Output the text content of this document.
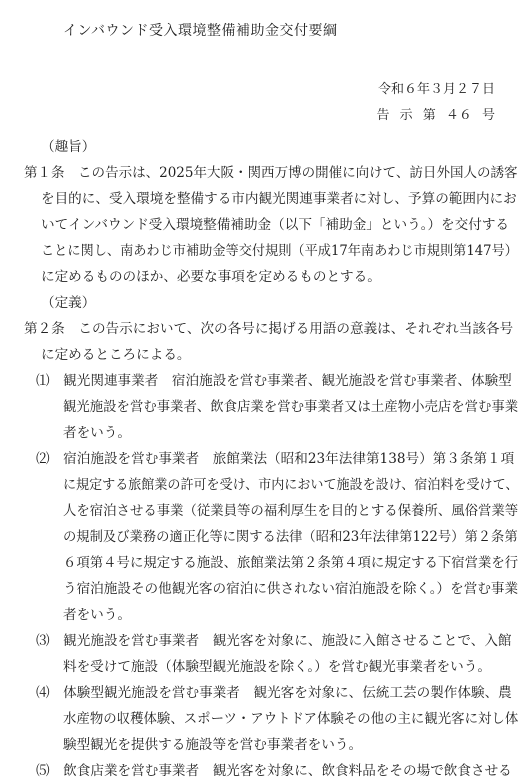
インバウンド受入環境整備補助金交付要綱
令和６年３月２７日
告 示 第 ４６ 号
（趣旨）
第１条　この告示は、2025年大阪・関西万博の開催に向けて、訪日外国人の誘客
を目的に、受入環境を整備する市内観光関連事業者に対し、予算の範囲内にお
いてインバウンド受入環境整備補助金（以下「補助金」という。）を交付する
ことに関し、南あわじ市補助金等交付規則（平成17年南あわじ市規則第147号）
に定めるもののほか、必要な事項を定めるものとする。
（定義）
第２条　この告示において、次の各号に掲げる用語の意義は、それぞれ当該各号
に定めるところによる。
⑴　観光関連事業者　宿泊施設を営む事業者、観光施設を営む事業者、体験型
観光施設を営む事業者、飲食店業を営む事業者又は土産物小売店を営む事業
者をいう。
⑵　宿泊施設を営む事業者　旅館業法（昭和23年法律第138号）第３条第１項
に規定する旅館業の許可を受け、市内において施設を設け、宿泊料を受けて、
人を宿泊させる事業（従業員等の福利厚生を目的とする保養所、風俗営業等
の規制及び業務の適正化等に関する法律（昭和23年法律第122号）第２条第
６項第４号に規定する施設、旅館業法第２条第４項に規定する下宿営業を行
う宿泊施設その他観光客の宿泊に供されない宿泊施設を除く。）を営む事業
者をいう。
⑶　観光施設を営む事業者　観光客を対象に、施設に入館させることで、入館
料を受けて施設（体験型観光施設を除く。）を営む観光事業者をいう。
⑷　体験型観光施設を営む事業者　観光客を対象に、伝統工芸の製作体験、農
水産物の収穫体験、スポーツ・アウトドア体験その他の主に観光客に対し体
験型観光を提供する施設等を営む事業者をいう。
⑸　飲食店業を営む事業者　観光客を対象に、飲食料品をその場で飲食させる
